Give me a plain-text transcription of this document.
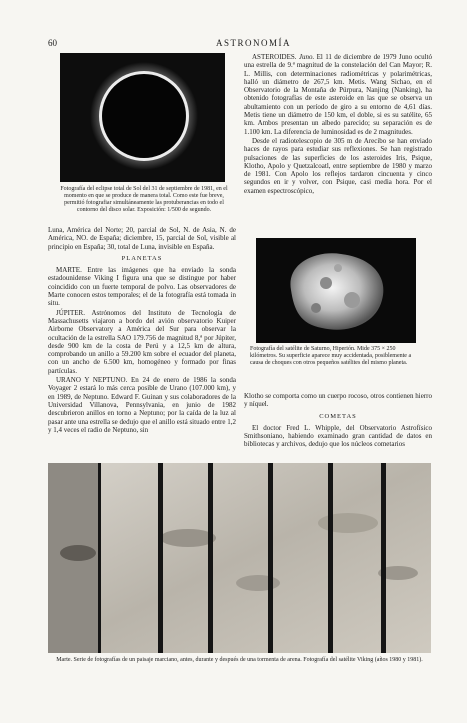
60	ASTRONOMÍA
Fotografía del eclipse total de Sol del 31 de septiembre de 1981, en el momento en que se produce de manera total. Como este fue breve, permitió fotografiar simultáneamente las protuberancias en todo el contorno del disco solar. Exposición: 1/500 de segundo.

Luna, América del Norte; 20, parcial de Sol, N. de Asia, N. de América, NO. de España; diciembre, 15, parcial de Sol, visible al principio en España; 30, total de Luna, invisible en España.

PLANETAS

MARTE. Entre las imágenes que ha enviado la sonda estadounidense Viking I figura una que se distingue por haber coincidido con un fuerte temporal de polvo. Las observadores de Marte conocen estos temporales; el de la fotografía está tomada in situ.

JÚPITER. Astrónomos del Instituto de Tecnología de Massachusetts viajaron a bordo del avión observatorio Kuiper Airborne Observatory a América del Sur para observar la ocultación de la estrella SAO 179.756 de magnitud 8,ª por Júpiter, desde 900 km de la costa de Perú y a 12,5 km de altura, comprobando un anillo a 59.200 km sobre el ecuador del planeta, con un ancho de 6.500 km, homogéneo y formado por finas partículas.

URANO Y NEPTUNO. En 24 de enero de 1986 la sonda Voyager 2 estará lo más cerca posible de Urano (107.000 km), y en 1989, de Neptuno. Edward F. Guinan y sus colaboradores de la Universidad Villanova, Pennsylvania, en junio de 1982 descubrieron anillos en torno a Neptuno; por la caída de la luz al pasar ante una estrella se dedujo que el anillo está situado entre 1,2 y 1,4 veces el radio de Neptuno, sin

ASTEROIDES. Juno. El 11 de diciembre de 1979 Juno ocultó una estrella de 9.ª magnitud de la constelación del Can Mayor; R. L. Millis, con determinaciones radiométricas y polarimétricas, halló un diámetro de 267,5 km. Metis. Wang Sichao, en el Observatorio de la Montaña de Púrpura, Nanjing (Nanking), ha obtenido fotografías de este asteroide en las que se observa un abultamiento con un período de giro a su entorno de 4,61 días. Metis tiene un diámetro de 150 km, el doble, si es su satélite, 65 km. Ambos presentan un albedo parecido; su separación es de 1.100 km. La diferencia de luminosidad es de 2 magnitudes.

Desde el radiotelescopio de 305 m de Arecibo se han enviado haces de rayos para estudiar sus reflexiones. Se han registrado pulsaciones de las superficies de los asteroides Iris, Psique, Klotho, Apolo y Quetzalcoatl, entre septiembre de 1980 y marzo de 1981. Con Apolo los reflejos tardaron cincuenta y cinco segundos en ir y volver, con Psique, casi media hora. Por el examen espectroscópico,

Fotografía del satélite de Saturno, Hiperión. Mide 375 × 250 kilómetros. Su superficie aparece muy accidentada, posiblemente a causa de choques con otros pequeños satélites del mismo planeta.

Klotho se comporta como un cuerpo rocoso, otros contienen hierro y níquel.

COMETAS

El doctor Fred L. Whipple, del Observatorio Astrofísico Smithsoniano, habiendo examinado gran cantidad de datos en bibliotecas y archivos, dedujo que los núcleos cometarios

Marte. Serie de fotografías de un paisaje marciano, antes, durante y después de una tormenta de arena. Fotografía del satélite Viking (años 1980 y 1981).
